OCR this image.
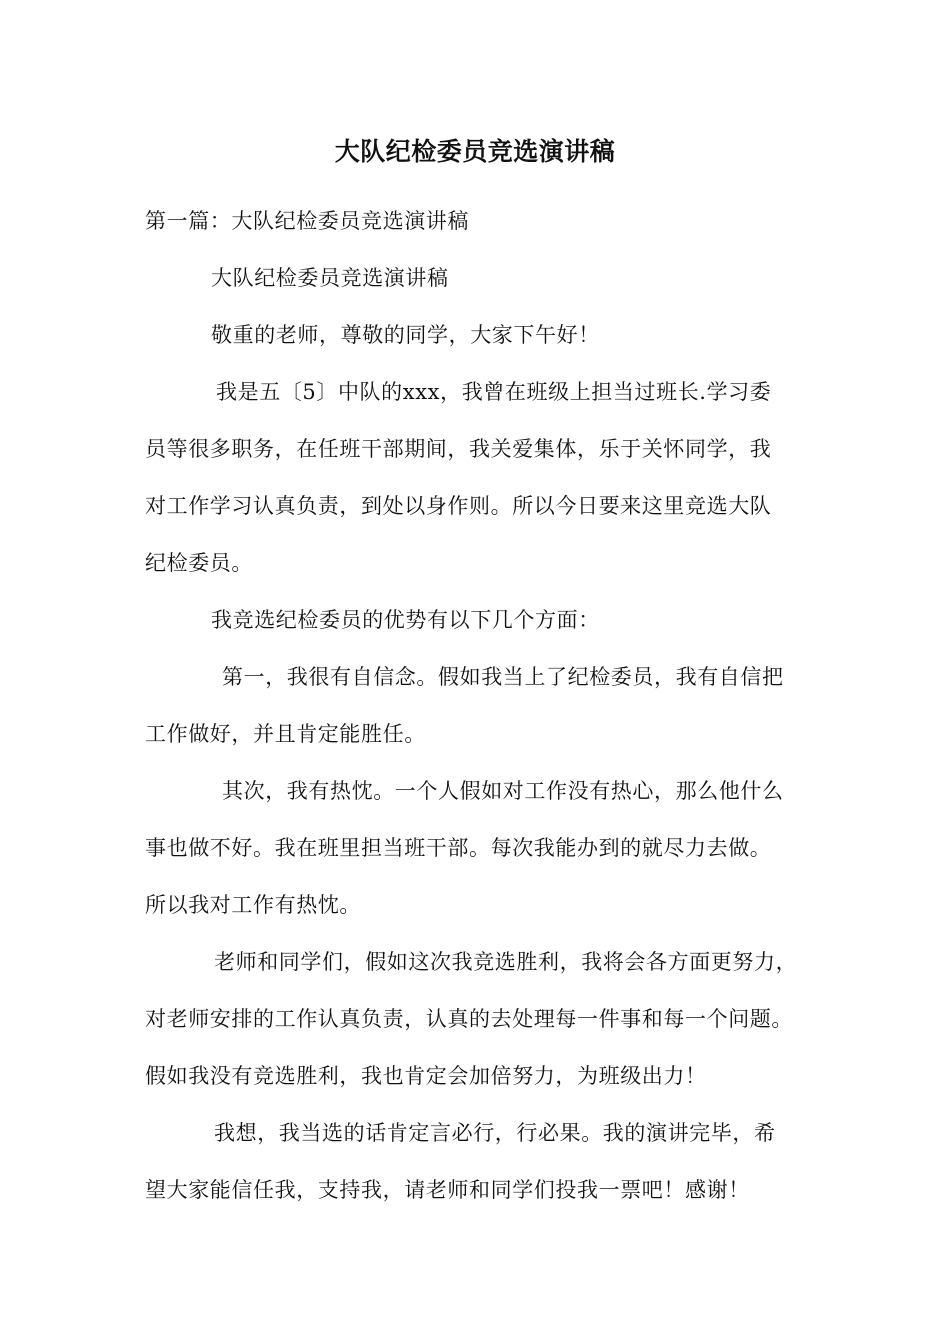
大队纪检委员竞选演讲稿
第一篇：大队纪检委员竞选演讲稿
大队纪检委员竞选演讲稿
敬重的老师，尊敬的同学，大家下午好！
我是五〔5〕中队的xxx，我曾在班级上担当过班长.学习委
员等很多职务，在任班干部期间，我关爱集体，乐于关怀同学，我
对工作学习认真负责，到处以身作则。所以今日要来这里竞选大队
纪检委员。
我竞选纪检委员的优势有以下几个方面：
第一，我很有自信念。假如我当上了纪检委员，我有自信把
工作做好，并且肯定能胜任。
其次，我有热忱。一个人假如对工作没有热心，那么他什么
事也做不好。我在班里担当班干部。每次我能办到的就尽力去做。
所以我对工作有热忱。
老师和同学们，假如这次我竞选胜利，我将会各方面更努力，
对老师安排的工作认真负责，认真的去处理每一件事和每一个问题。
假如我没有竞选胜利，我也肯定会加倍努力，为班级出力！
我想，我当选的话肯定言必行，行必果。我的演讲完毕，希
望大家能信任我，支持我，请老师和同学们投我一票吧！感谢！
